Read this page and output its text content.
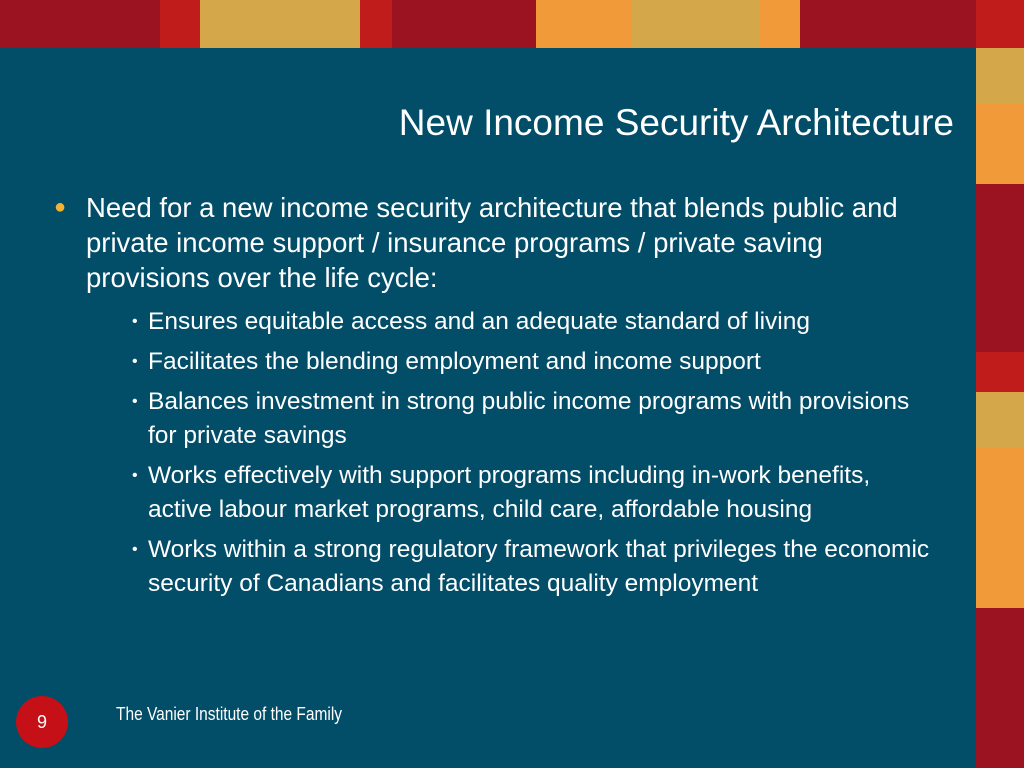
New Income Security Architecture
● Need for a new income security architecture that blends public and private income support / insurance programs / private saving provisions over the life cycle:
• Ensures equitable access and an adequate standard of living
• Facilitates the blending employment and income support
• Balances investment in strong public income programs with provisions for private savings
• Works effectively with support programs including in-work benefits, active labour market programs, child care, affordable housing
• Works within a strong regulatory framework that privileges the economic security of Canadians and facilitates quality employment
9	The Vanier Institute of the Family
